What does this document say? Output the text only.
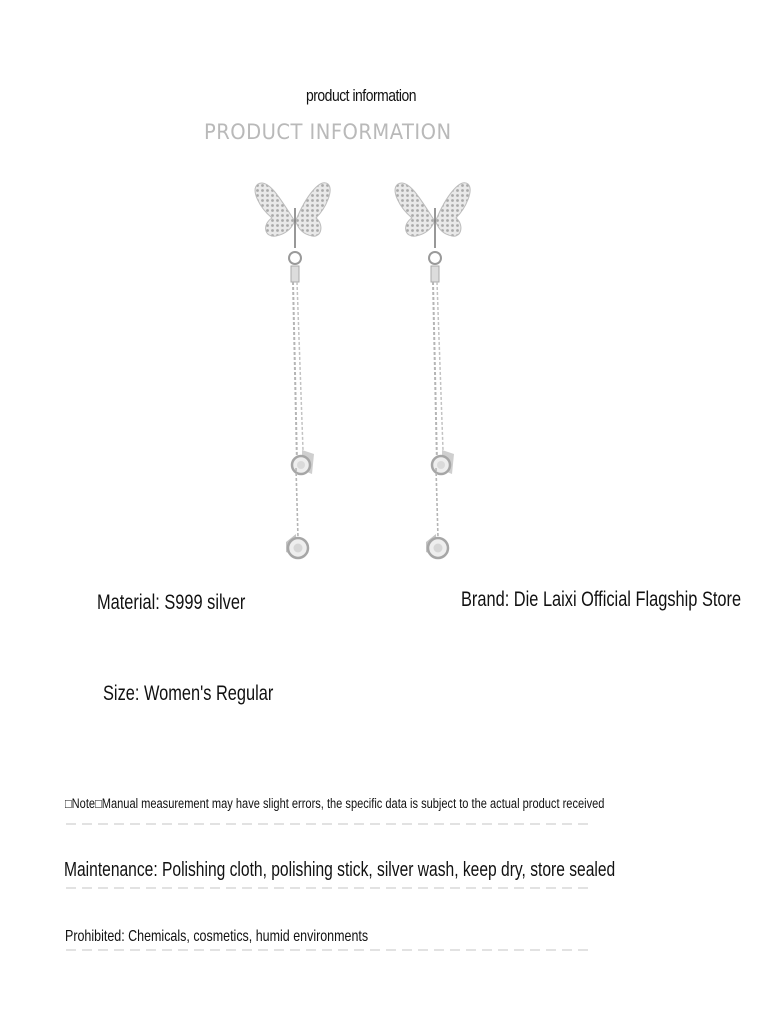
product information
PRODUCT INFORMATION
Material: S999 silver	Brand: Die Laixi Official Flagship Store
Size: Women's Regular
□Note□Manual measurement may have slight errors, the specific data is subject to the actual product received
Maintenance: Polishing cloth, polishing stick, silver wash, keep dry, store sealed
Prohibited: Chemicals, cosmetics, humid environments
